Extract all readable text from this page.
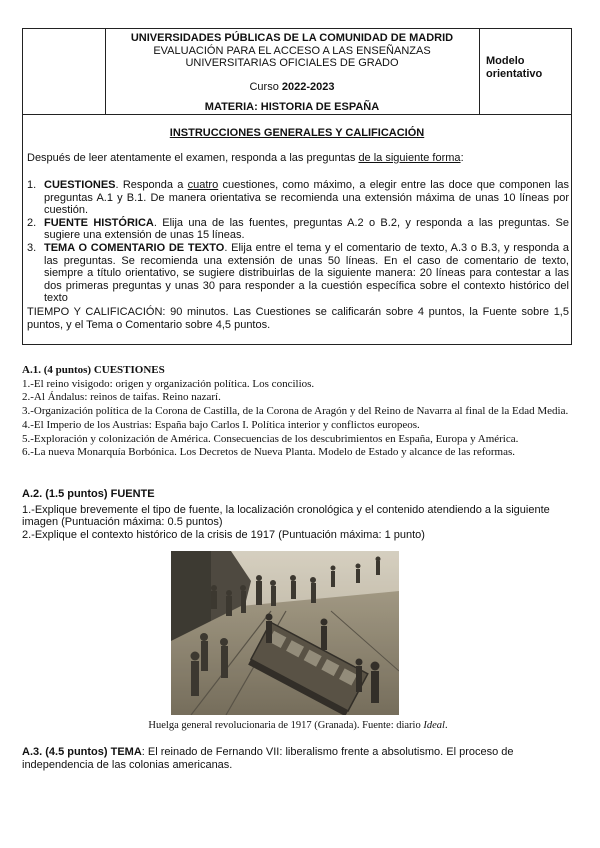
UNIVERSIDADES PÚBLICAS DE LA COMUNIDAD DE MADRID
EVALUACIÓN PARA EL ACCESO A LAS ENSEÑANZAS
UNIVERSITARIAS OFICIALES DE GRADO
Curso 2022-2023
MATERIA: HISTORIA DE ESPAÑA
Modelo
orientativo
INSTRUCCIONES GENERALES Y CALIFICACIÓN
Después de leer atentamente el examen, responda a las preguntas de la siguiente forma:
1. CUESTIONES. Responda a cuatro cuestiones, como máximo, a elegir entre las doce que componen las preguntas A.1 y B.1. De manera orientativa se recomienda una extensión máxima de unas 10 líneas por cuestión.
2. FUENTE HISTÓRICA. Elija una de las fuentes, preguntas A.2 o B.2, y responda a las preguntas. Se sugiere una extensión de unas 15 líneas.
3. TEMA O COMENTARIO DE TEXTO. Elija entre el tema y el comentario de texto, A.3 o B.3, y responda a las preguntas. Se recomienda una extensión de unas 50 líneas. En el caso de comentario de texto, siempre a título orientativo, se sugiere distribuirlas de la siguiente manera: 20 líneas para contestar a las dos primeras preguntas y unas 30 para responder a la cuestión específica sobre el contexto histórico del texto
TIEMPO Y CALIFICACIÓN: 90 minutos. Las Cuestiones se calificarán sobre 4 puntos, la Fuente sobre 1,5 puntos, y el Tema o Comentario sobre 4,5 puntos.
A.1. (4 puntos) CUESTIONES
1.-El reino visigodo: origen y organización política. Los concilios.
2.-Al Ándalus: reinos de taifas. Reino nazarí.
3.-Organización política de la Corona de Castilla, de la Corona de Aragón y del Reino de Navarra al final de la Edad Media.
4.-El Imperio de los Austrias: España bajo Carlos I. Política interior y conflictos europeos.
5.-Exploración y colonización de América. Consecuencias de los descubrimientos en España, Europa y América.
6.-La nueva Monarquía Borbónica. Los Decretos de Nueva Planta. Modelo de Estado y alcance de las reformas.
A.2. (1.5 puntos) FUENTE
1.-Explique brevemente el tipo de fuente, la localización cronológica y el contenido atendiendo a la siguiente imagen (Puntuación máxima: 0.5 puntos)
2.-Explique el contexto histórico de la crisis de 1917 (Puntuación máxima: 1 punto)
Huelga general revolucionaria de 1917 (Granada). Fuente: diario Ideal.
A.3. (4.5 puntos) TEMA: El reinado de Fernando VII: liberalismo frente a absolutismo. El proceso de independencia de las colonias americanas.
